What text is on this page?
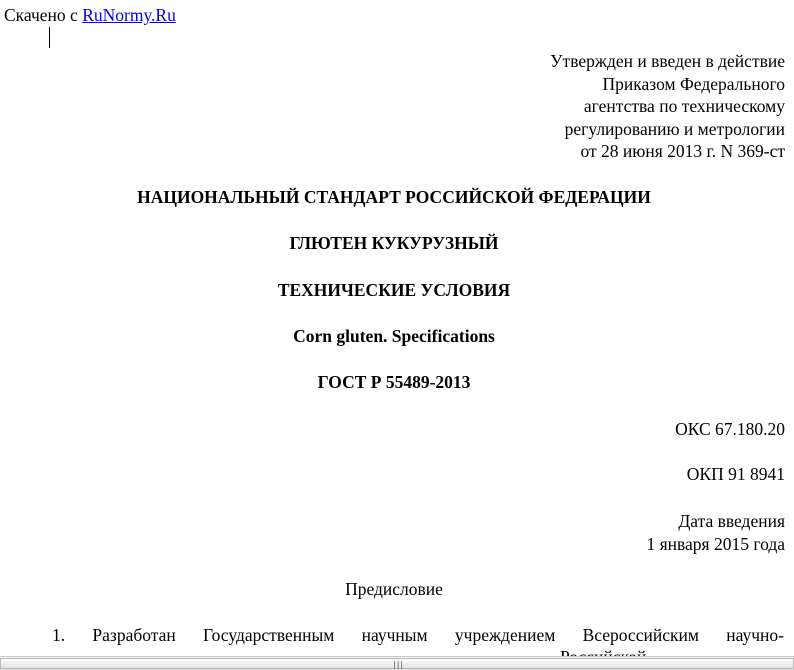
Скачено с RuNormy.Ru
Утвержден и введен в действие
Приказом Федерального
агентства по техническому
регулированию и метрологии
от 28 июня 2013 г. N 369-ст
НАЦИОНАЛЬНЫЙ СТАНДАРТ РОССИЙСКОЙ ФЕДЕРАЦИИ
ГЛЮТЕН КУКУРУЗНЫЙ
ТЕХНИЧЕСКИЕ УСЛОВИЯ
Corn gluten. Specifications
ГОСТ Р 55489-2013
ОКС 67.180.20
ОКП 91 8941
Дата введения
1 января 2015 года
Предисловие
1. Разработан Государственным научным учреждением Всероссийским научно-
|||
